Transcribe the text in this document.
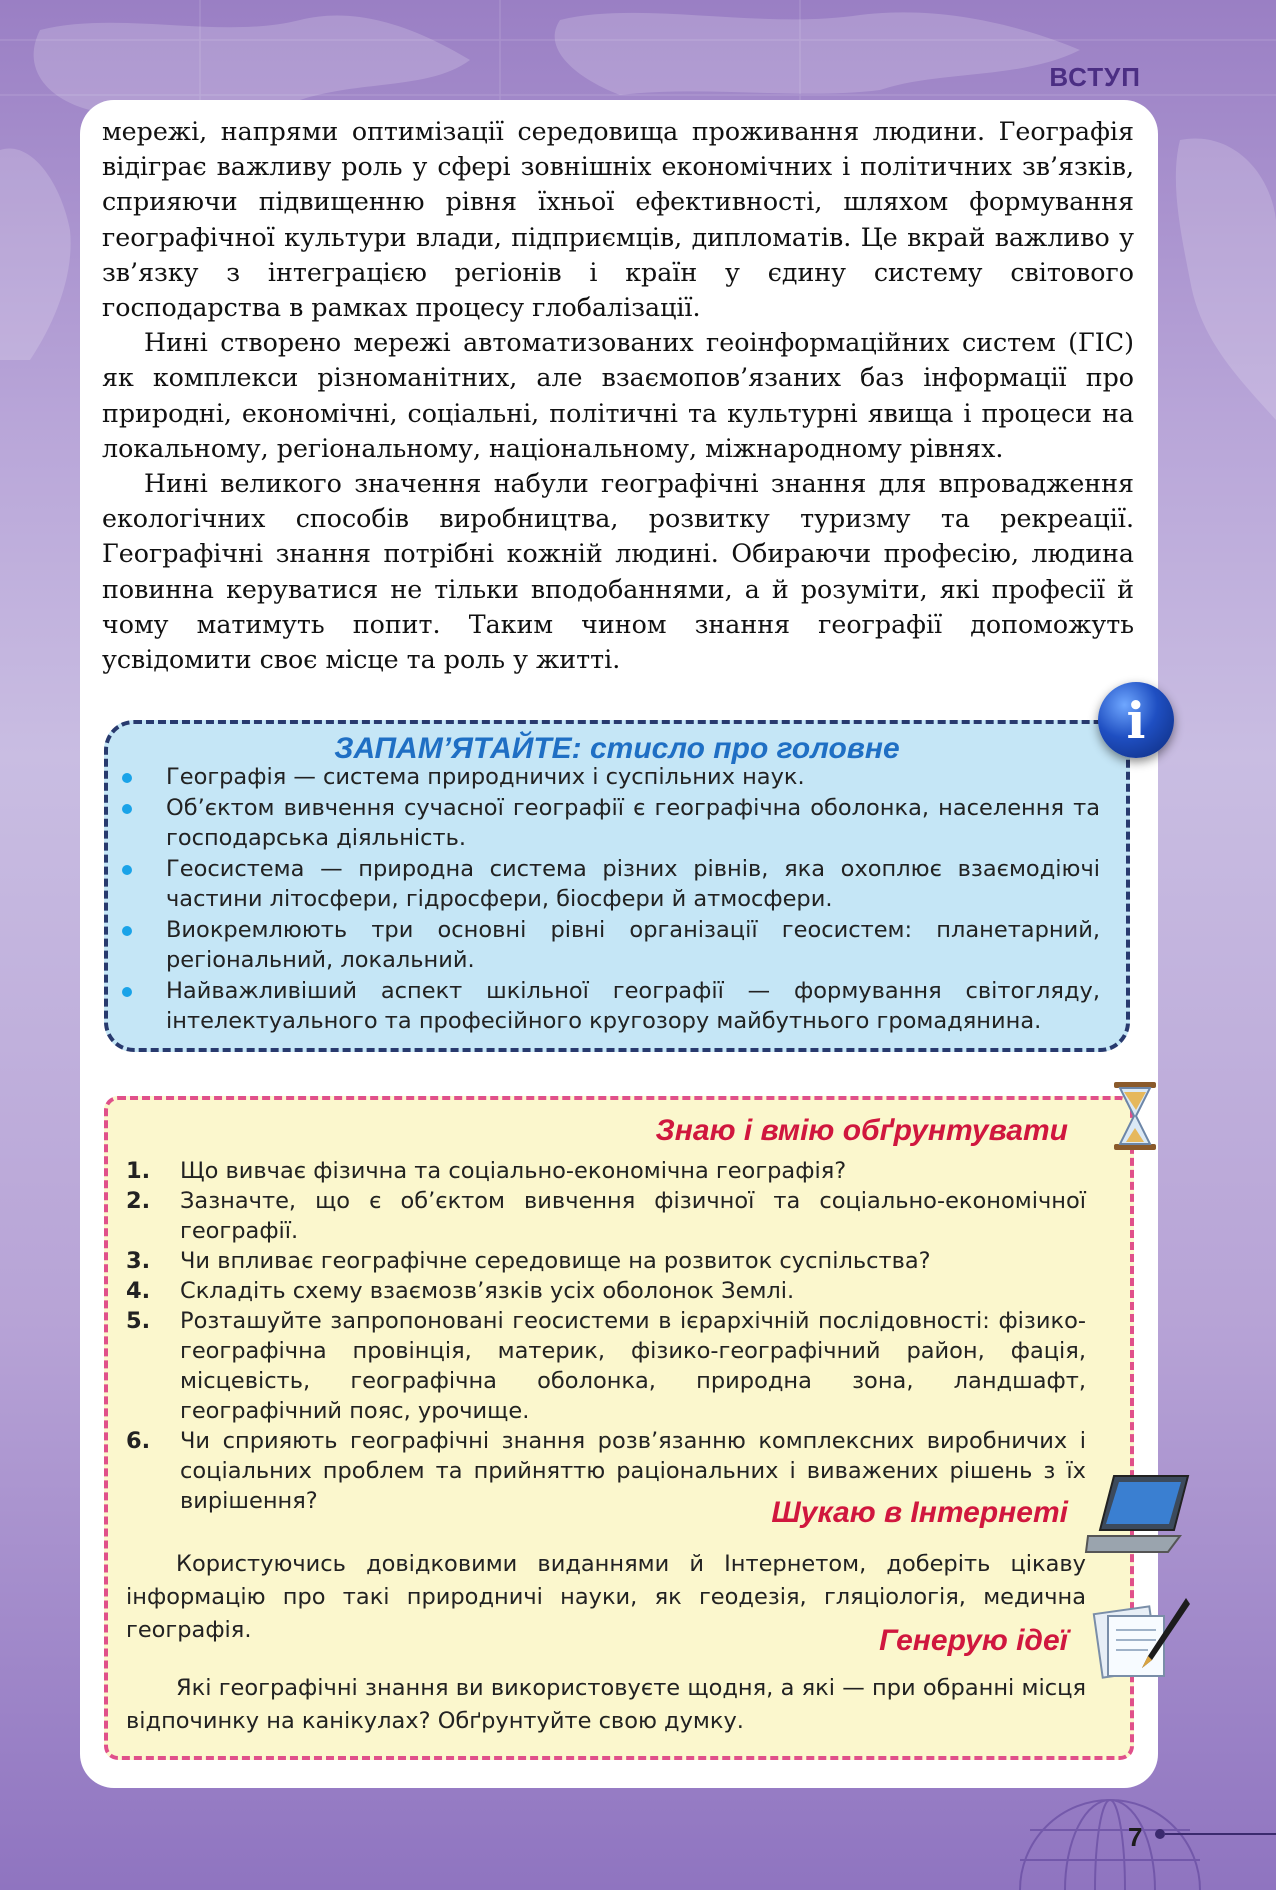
ВСТУП

мережі, напрями оптимізації середовища проживання людини. Географія відіграє важливу роль у сфері зовнішніх економічних і політичних зв’язків, сприяючи підвищенню рівня їхньої ефективності, шляхом формування географічної культури влади, підприємців, дипломатів. Це вкрай важливо у зв’язку з інтеграцією регіонів і країн у єдину систему світового господарства в рамках процесу глобалізації.

Нині створено мережі автоматизованих геоінформаційних систем (ГІС) як комплекси різноманітних, але взаємопов’язаних баз інформації про природні, економічні, соціальні, політичні та культурні явища і процеси на локальному, регіональному, національному, міжнародному рівнях.

Нині великого значення набули географічні знання для впровадження екологічних способів виробництва, розвитку туризму та рекреації. Географічні знання потрібні кожній людині. Обираючи професію, людина повинна керуватися не тільки вподобаннями, а й розуміти, які професії й чому матимуть попит. Таким чином знання географії допоможуть усвідомити своє місце та роль у житті.

ЗАПАМ’ЯТАЙТЕ: стисло про головне
Географія — система природничих і суспільних наук.
Об’єктом вивчення сучасної географії є географічна оболонка, населення та господарська діяльність.
Геосистема — природна система різних рівнів, яка охоплює взаємодіючі частини літосфери, гідросфери, біосфери й атмосфери.
Виокремлюють три основні рівні організації геосистем: планетарний, регіональний, локальний.
Найважливіший аспект шкільної географії — формування світогляду, інтелектуального та професійного кругозору майбутнього громадянина.
i
Знаю і вмію обґрунтувати
1. Що вивчає фізична та соціально-економічна географія?
2. Зазначте, що є об’єктом вивчення фізичної та соціально-економічної географії.
3. Чи впливає географічне середовище на розвиток суспільства?
4. Складіть схему взаємозв’язків усіх оболонок Землі.
5. Розташуйте запропоновані геосистеми в ієрархічній послідовності: фізико-географічна провінція, материк, фізико-географічний район, фація, місцевість, географічна оболонка, природна зона, ландшафт, географічний пояс, урочище.
6. Чи сприяють географічні знання розв’язанню комплексних виробничих і соціальних проблем та прийняттю раціональних і виважених рішень з їх вирішення?	Шукаю в Інтернеті

Користуючись довідковими виданнями й Інтернетом, доберіть цікаву інформацію про такі природничі науки, як геодезія, гляціологія, медична географія.	Генерую ідеї

Які географічні знання ви використовуєте щодня, а які — при обранні місця відпочинку на канікулах? Обґрунтуйте свою думку.

7
